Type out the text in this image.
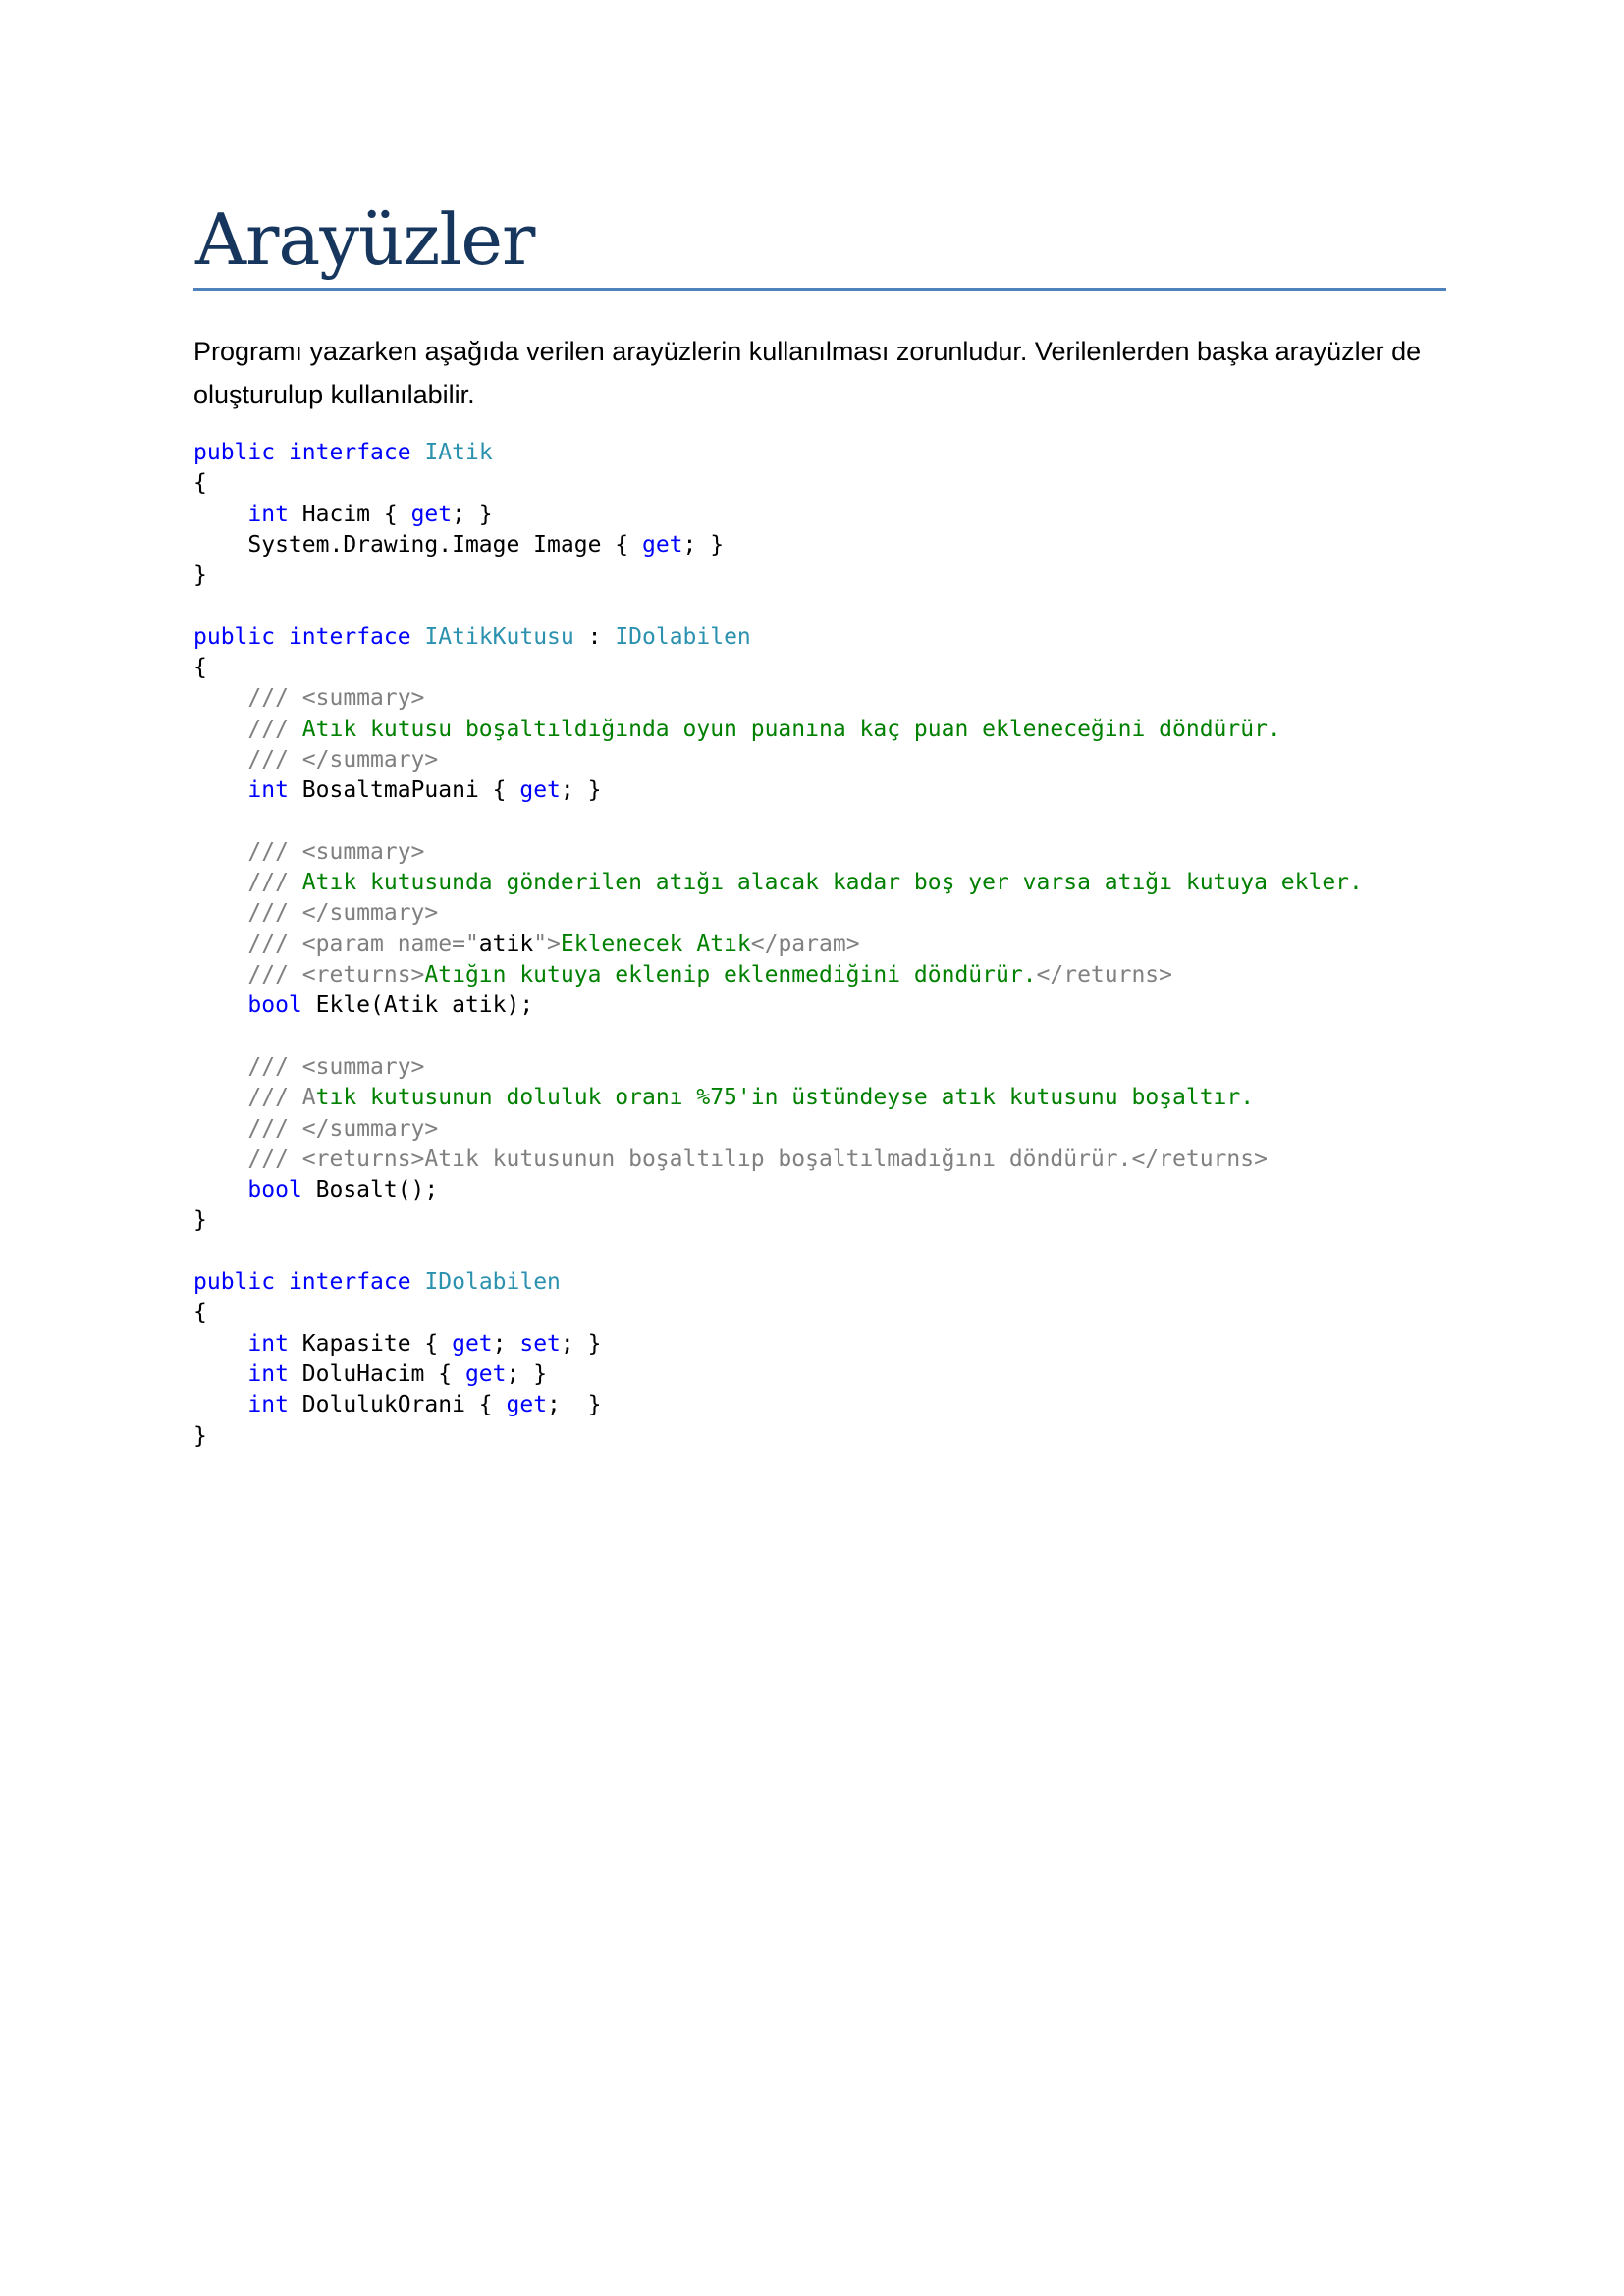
Arayüzler

Programı yazarken aşağıda verilen arayüzlerin kullanılması zorunludur. Verilenlerden başka arayüzler de oluşturulup kullanılabilir.

public interface IAtik
{
int Hacim { get; }
System.Drawing.Image Image { get; }
}

public interface IAtikKutusu : IDolabilen
{
/// <summary>
/// Atık kutusu boşaltıldığında oyun puanına kaç puan ekleneceğini döndürür.
/// </summary>
int BosaltmaPuani { get; }

/// <summary>
/// Atık kutusunda gönderilen atığı alacak kadar boş yer varsa atığı kutuya ekler.
/// </summary>
/// <param name="atik">Eklenecek Atık</param>
/// <returns>Atığın kutuya eklenip eklenmediğini döndürür.</returns>
bool Ekle(Atik atik);

/// <summary>
/// Atık kutusunun doluluk oranı %75'in üstündeyse atık kutusunu boşaltır.
/// </summary>
/// <returns>Atık kutusunun boşaltılıp boşaltılmadığını döndürür.</returns>
bool Bosalt();
}

public interface IDolabilen
{
int Kapasite { get; set; }
int DoluHacim { get; }
int DolulukOrani { get;  }
}
